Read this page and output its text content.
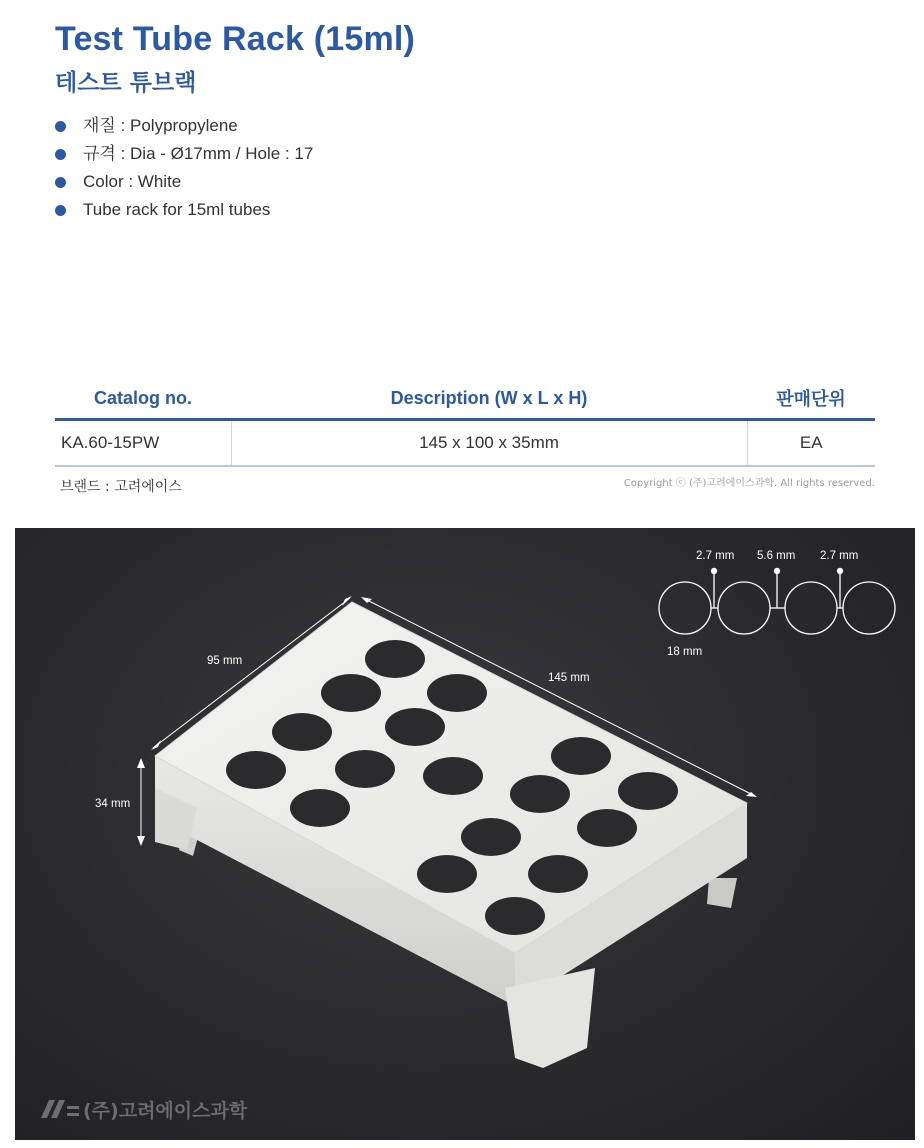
Test Tube Rack (15ml)
테스트 튜브랙
재질 : Polypropylene
규격 : Dia - Ø17mm / Hole : 17
Color : White
Tube rack for 15ml tubes
Catalog no.	Description (W x L x H)	판매단위
KA.60-15PW	145 x 100 x 35mm	EA
브랜드 : 고려에이스	Copyright ⓒ (주)고려에이스과학. All rights reserved.
95 mm
145 mm
34 mm
2.7 mm 5.6 mm 2.7 mm
18 mm
(주)고려에이스과학
